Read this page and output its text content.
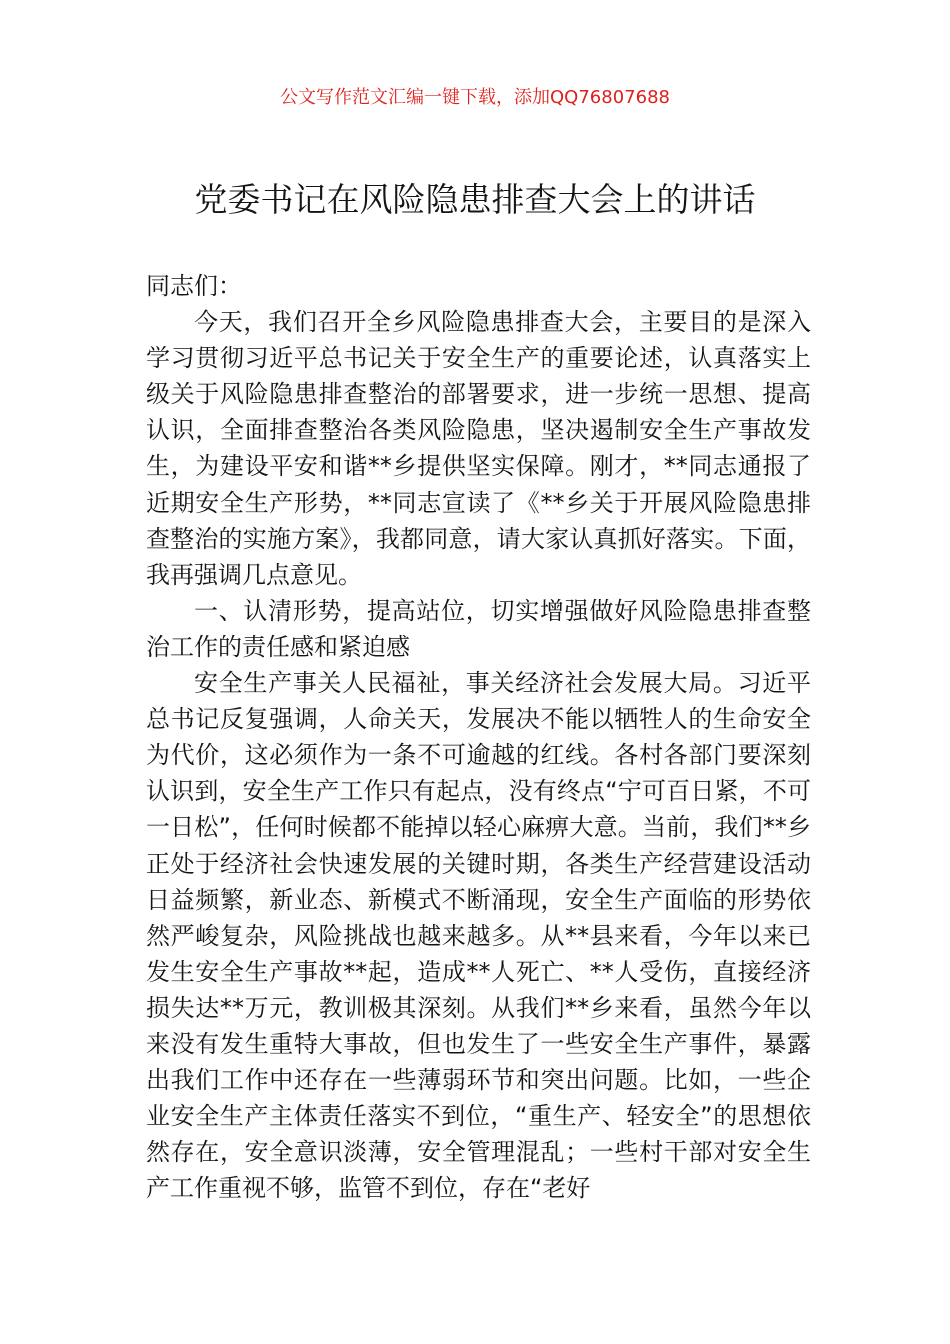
公文写作范文汇编一键下载，添加QQ76807688
党委书记在风险隐患排查大会上的讲话

同志们：

今天，我们召开全乡风险隐患排查大会，主要目的是深入学习贯彻习近平总书记关于安全生产的重要论述，认真落实上级关于风险隐患排查整治的部署要求，进一步统一思想、提高认识，全面排查整治各类风险隐患，坚决遏制安全生产事故发生，为建设平安和谐**乡提供坚实保障。刚才，**同志通报了近期安全生产形势，**同志宣读了《**乡关于开展风险隐患排查整治的实施方案》，我都同意，请大家认真抓好落实。下面，我再强调几点意见。

一、认清形势，提高站位，切实增强做好风险隐患排查整治工作的责任感和紧迫感

安全生产事关人民福祉，事关经济社会发展大局。习近平总书记反复强调，人命关天，发展决不能以牺牲人的生命安全为代价，这必须作为一条不可逾越的红线。各村各部门要深刻认识到，安全生产工作只有起点，没有终点“宁可百日紧，不可一日松”，任何时候都不能掉以轻心麻痹大意。当前，我们**乡正处于经济社会快速发展的关键时期，各类生产经营建设活动日益频繁，新业态、新模式不断涌现，安全生产面临的形势依然严峻复杂，风险挑战也越来越多。从**县来看，今年以来已发生安全生产事故**起，造成**人死亡、**人受伤，直接经济损失达**万元，教训极其深刻。从我们**乡来看，虽然今年以来没有发生重特大事故，但也发生了一些安全生产事件，暴露出我们工作中还存在一些薄弱环节和突出问题。比如，一些企业安全生产主体责任落实不到位，“重生产、轻安全”的思想依然存在，安全意识淡薄，安全管理混乱；一些村干部对安全生产工作重视不够，监管不到位，存在“老好
